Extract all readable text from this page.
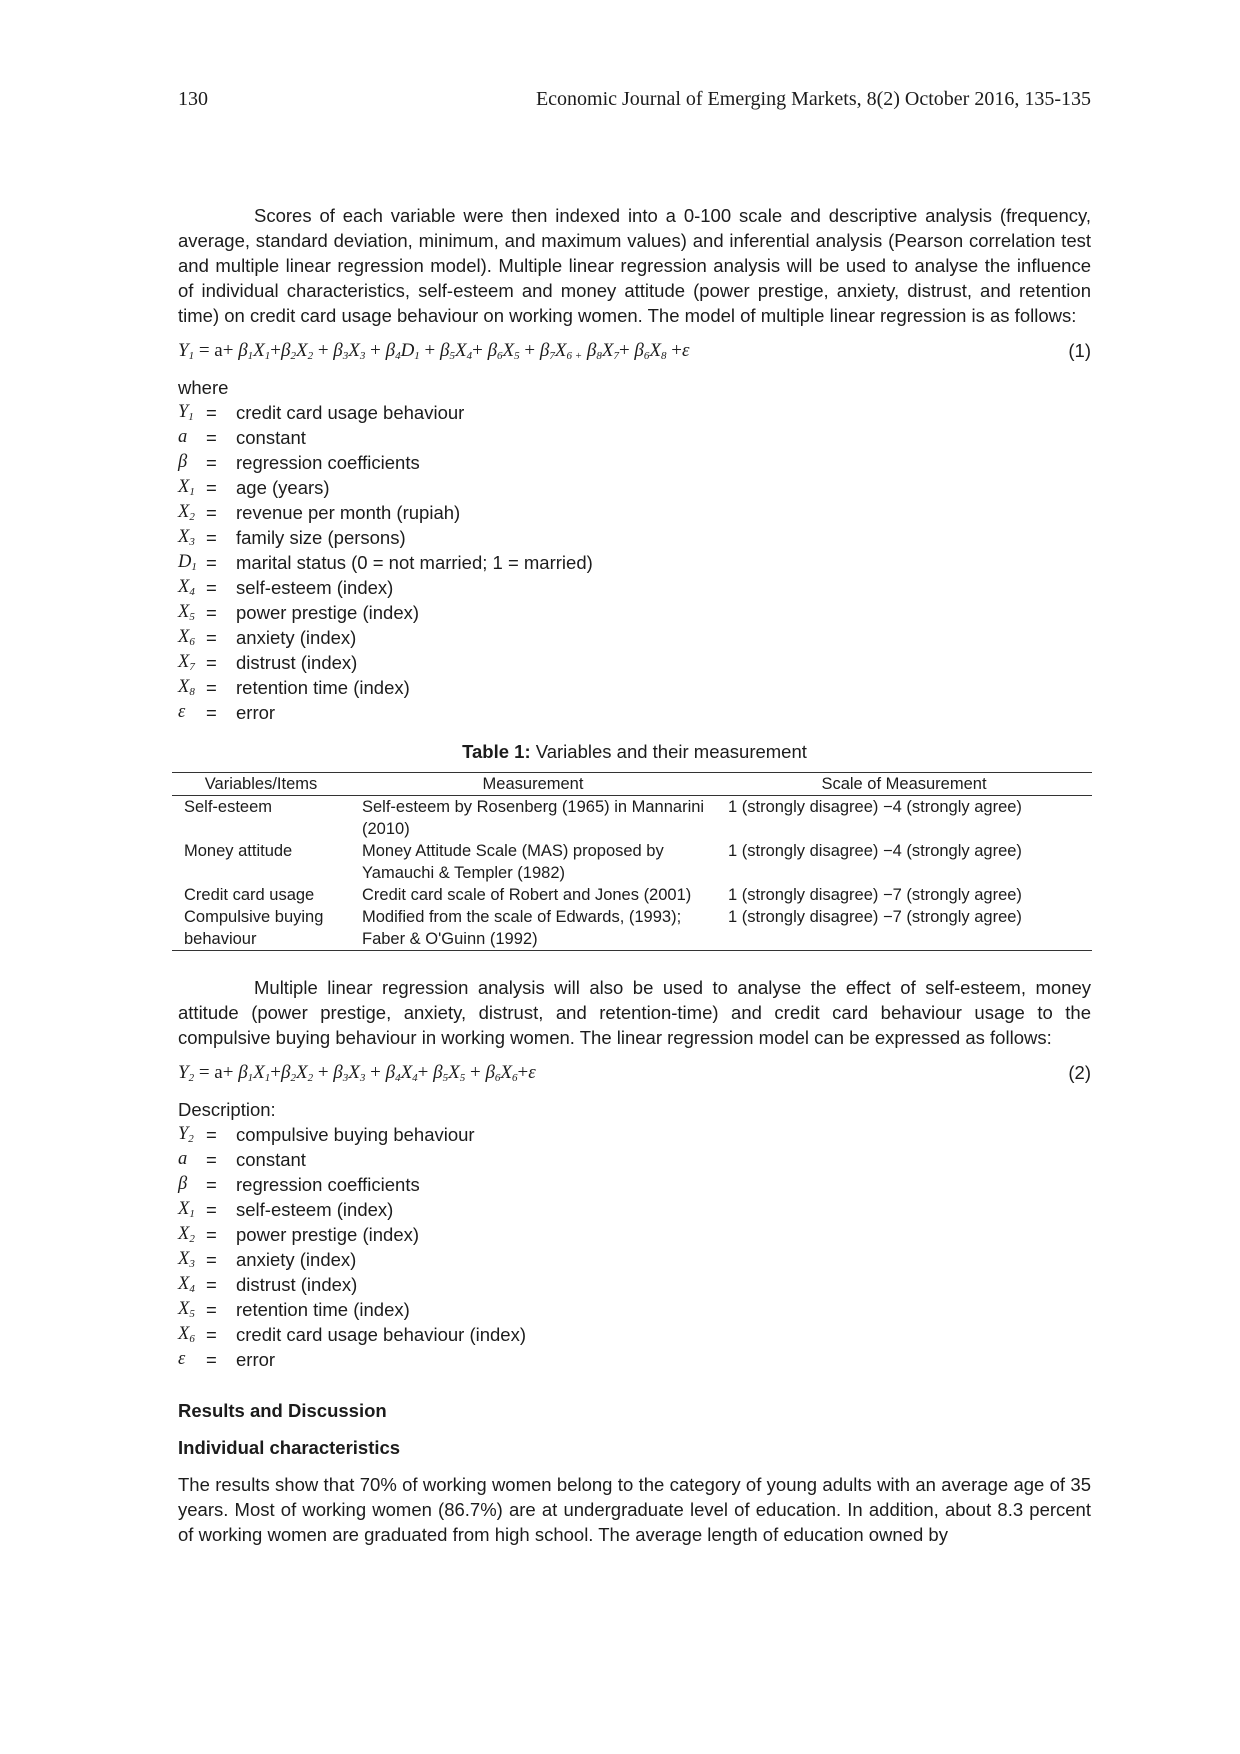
130	Economic Journal of Emerging Markets, 8(2) October 2016, 135-135

Scores of each variable were then indexed into a 0-100 scale and descriptive analysis (frequency, average, standard deviation, minimum, and maximum values) and inferential analysis (Pearson correlation test and multiple linear regression model). Multiple linear regression analysis will be used to analyse the influence of individual characteristics, self-esteem and money attitude (power prestige, anxiety, distrust, and retention time) on credit card usage behaviour on working women. The model of multiple linear regression is as follows:

$Y_1 = a+ \beta_1X_1+\beta_2X_2 + \beta_3X_3 + \beta_4D_1 + \beta_5X_4+ \beta_6X_5 + \beta_7X_{6 +}$ $\beta_8X_7+ \beta_6X_8 +\varepsilon$	(1)
where
$Y_1$ =	credit card usage behaviour
a	=	constant
β	=	regression coefficients
$X_1$ =	age (years)
$X_2$ =	revenue per month (rupiah)
$X_3$ =	family size (persons)
$D_1$ =	marital status (0 = not married; 1 = married)
$X_4$ =	self-esteem (index)
$X_5$ =	power prestige (index)
$X_6$ =	anxiety (index)
$X_7$ =	distrust (index)
$X_8$ =	retention time (index)
ε	=	error
Table 1: Variables and their measurement
Variables/Items	Measurement	Scale of Measurement
Self-esteem	Self-esteem by Rosenberg (1965) in Mannarini (2010)	1 (strongly disagree) −4 (strongly agree)
Money attitude	Money Attitude Scale (MAS) proposed by Yamauchi & Templer (1982)	1 (strongly disagree) −4 (strongly agree)
Credit card usage	Credit card scale of Robert and Jones (2001)	1 (strongly disagree) −7 (strongly agree)
Compulsive buying behaviour	Modified from the scale of Edwards, (1993); Faber & O'Guinn (1992)	1 (strongly disagree) −7 (strongly agree)

Multiple linear regression analysis will also be used to analyse the effect of self-esteem, money attitude (power prestige, anxiety, distrust, and retention-time) and credit card behaviour usage to the compulsive buying behaviour in working women. The linear regression model can be expressed as follows:

$Y_2 = a+ \beta_1X_1+\beta_2X_2 + \beta_3X_3 + \beta_4X_4+ \beta_5X_5 + \beta_6X_6+\varepsilon$	(2)
Description:
$Y_2$ =	compulsive buying behaviour
a	=	constant
β	=	regression coefficients
$X_1$ =	self-esteem (index)
$X_2$ =	power prestige (index)
$X_3$ =	anxiety (index)
$X_4$ =	distrust (index)
$X_5$ =	retention time (index)
$X_6$ =	credit card usage behaviour (index)
ε	=	error
Results and Discussion
Individual characteristics

The results show that 70% of working women belong to the category of young adults with an average age of 35 years. Most of working women (86.7%) are at undergraduate level of education. In addition, about 8.3 percent of working women are graduated from high school. The average length of education owned by
